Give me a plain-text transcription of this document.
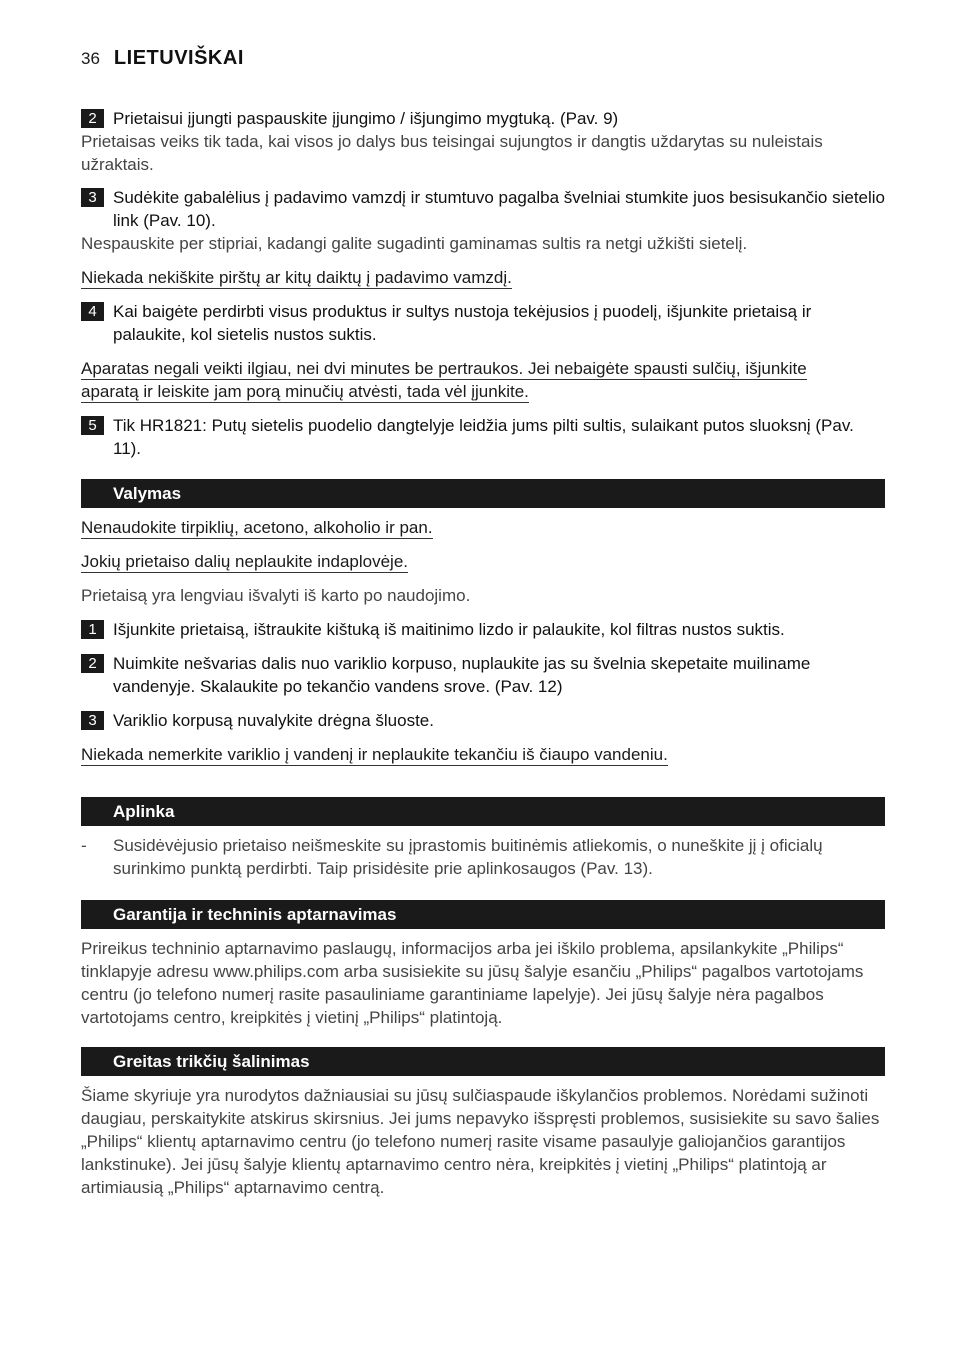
36 LIETUVIŠKAI
2 Prietaisui įjungti paspauskite įjungimo / išjungimo mygtuką. (Pav. 9)
Prietaisas veiks tik tada, kai visos jo dalys bus teisingai sujungtos ir dangtis uždarytas su nuleistais užraktais.
3 Sudėkite gabalėlius į padavimo vamzdį ir stumtuvo pagalba švelniai stumkite juos besisukančio sietelio link (Pav. 10).
Nespauskite per stipriai, kadangi galite sugadinti gaminamas sultis ra netgi užkišti sietelį.
Niekada nekiškite pirštų ar kitų daiktų į padavimo vamzdį.
4 Kai baigėte perdirbti visus produktus ir sultys nustoja tekėjusios į puodelį, išjunkite prietaisą ir palaukite, kol sietelis nustos suktis.
Aparatas negali veikti ilgiau, nei dvi minutes be pertraukos. Jei nebaigėte spausti sulčių, išjunkite
aparatą ir leiskite jam porą minučių atvėsti, tada vėl įjunkite.
5 Tik HR1821: Putų sietelis puodelio dangtelyje leidžia jums pilti sultis, sulaikant putos sluoksnį (Pav. 11).
Valymas
Nenaudokite tirpiklių, acetono, alkoholio ir pan.
Jokių prietaiso dalių neplaukite indaplovėje.
Prietaisą yra lengviau išvalyti iš karto po naudojimo.
1 Išjunkite prietaisą, ištraukite kištuką iš maitinimo lizdo ir palaukite, kol filtras nustos suktis.
2 Nuimkite nešvarias dalis nuo variklio korpuso, nuplaukite jas su švelnia skepetaite muiliname vandenyje. Skalaukite po tekančio vandens srove. (Pav. 12)
3 Variklio korpusą nuvalykite drėgna šluoste.
Niekada nemerkite variklio į vandenį ir neplaukite tekančiu iš čiaupo vandeniu.
Aplinka
-	Susidėvėjusio prietaiso neišmeskite su įprastomis buitinėmis atliekomis, o nuneškite jį į oficialų surinkimo punktą perdirbti. Taip prisidėsite prie aplinkosaugos (Pav. 13).
Garantija ir techninis aptarnavimas
Prireikus techninio aptarnavimo paslaugų, informacijos arba jei iškilo problema, apsilankykite „Philips“ tinklapyje adresu www.philips.com arba susisiekite su jūsų šalyje esančiu „Philips“ pagalbos vartotojams centru (jo telefono numerį rasite pasauliniame garantiniame lapelyje). Jei jūsų šalyje nėra pagalbos vartotojams centro, kreipkitės į vietinį „Philips“ platintoją.
Greitas trikčių šalinimas
Šiame skyriuje yra nurodytos dažniausiai su jūsų sulčiaspaude iškylančios problemos. Norėdami sužinoti daugiau, perskaitykite atskirus skirsnius. Jei jums nepavyko išspręsti problemos, susisiekite su savo šalies „Philips“ klientų aptarnavimo centru (jo telefono numerį rasite visame pasaulyje galiojančios garantijos lankstinuke). Jei jūsų šalyje klientų aptarnavimo centro nėra, kreipkitės į vietinį „Philips“ platintoją ar artimiausią „Philips“ aptarnavimo centrą.
